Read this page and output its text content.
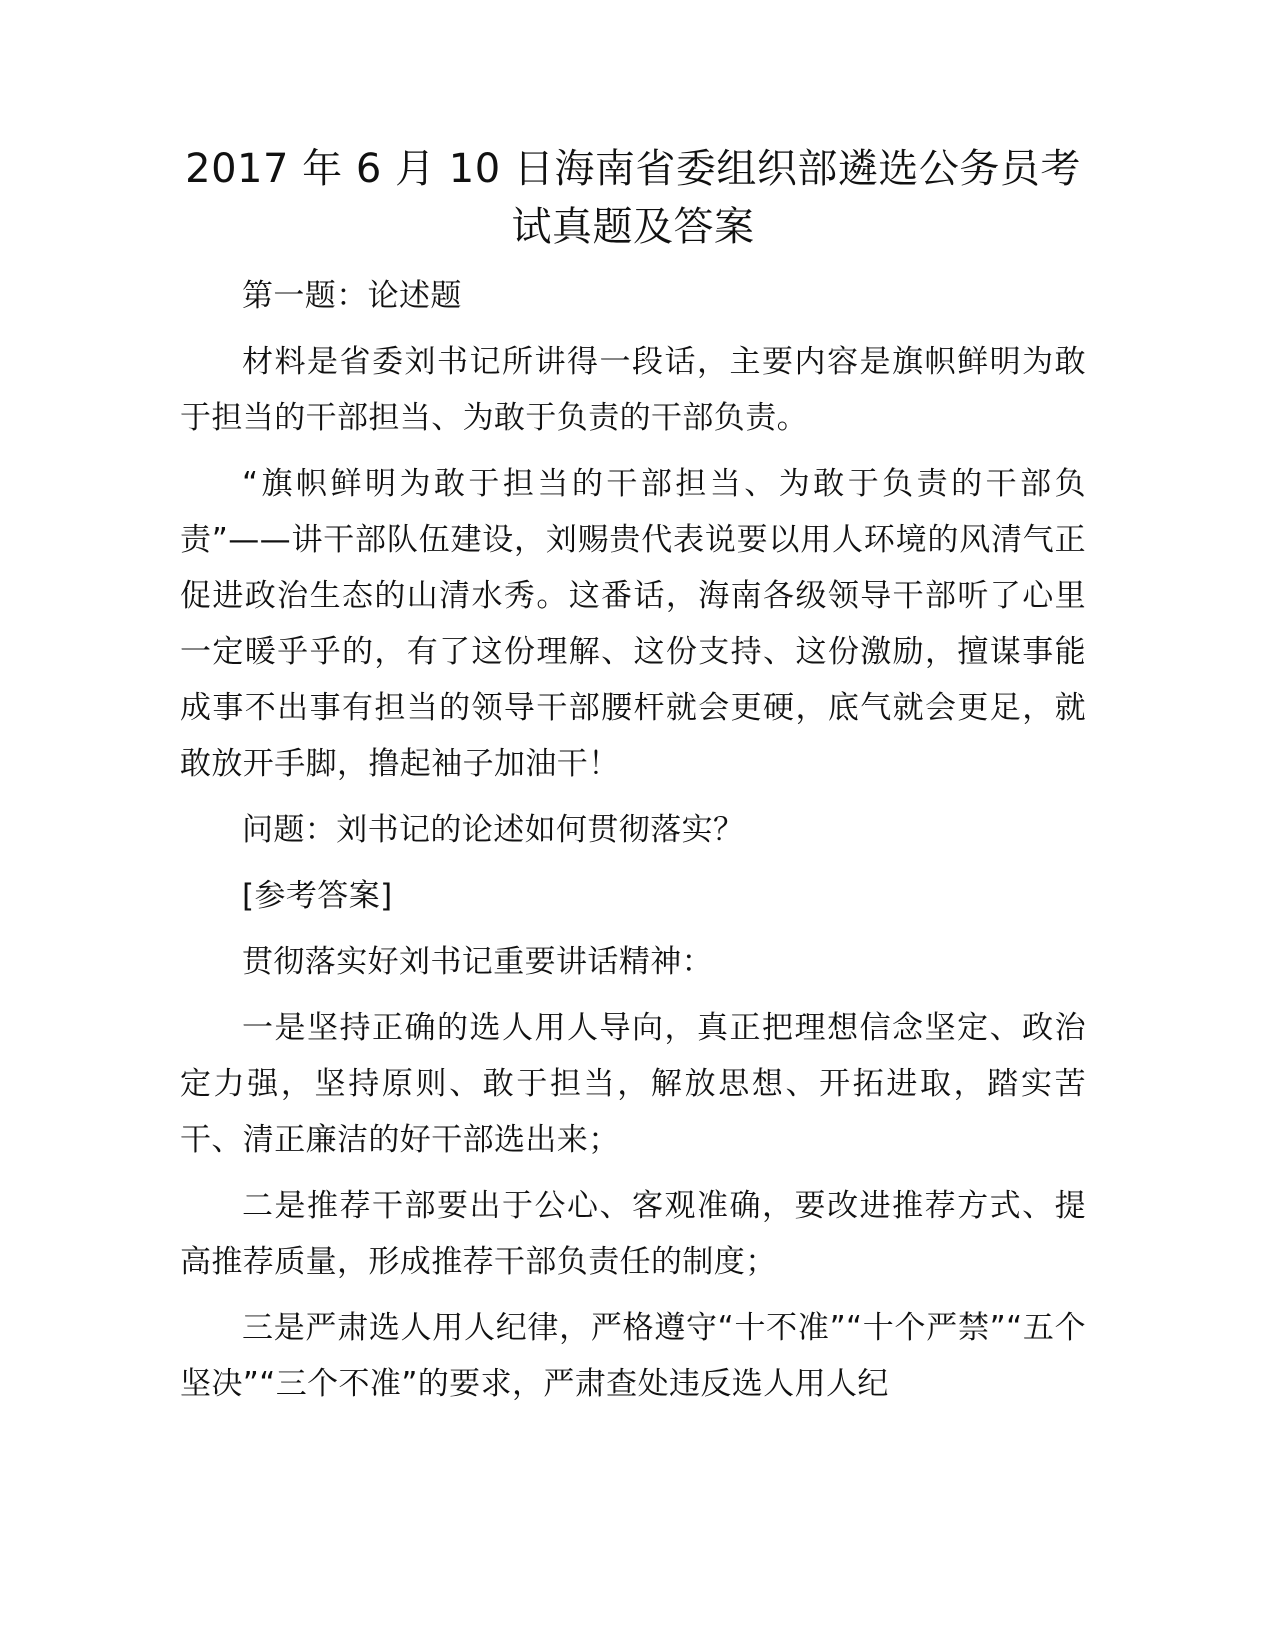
2017 年 6 月 10 日海南省委组织部遴选公务员考试真题及答案

第一题：论述题

材料是省委刘书记所讲得一段话，主要内容是旗帜鲜明为敢于担当的干部担当、为敢于负责的干部负责。

“旗帜鲜明为敢于担当的干部担当、为敢于负责的干部负责”——讲干部队伍建设，刘赐贵代表说要以用人环境的风清气正促进政治生态的山清水秀。这番话，海南各级领导干部听了心里一定暖乎乎的，有了这份理解、这份支持、这份激励，擅谋事能成事不出事有担当的领导干部腰杆就会更硬，底气就会更足，就敢放开手脚，撸起袖子加油干！

问题：刘书记的论述如何贯彻落实？

[参考答案]

贯彻落实好刘书记重要讲话精神：

一是坚持正确的选人用人导向，真正把理想信念坚定、政治定力强，坚持原则、敢于担当，解放思想、开拓进取，踏实苦干、清正廉洁的好干部选出来；

二是推荐干部要出于公心、客观准确，要改进推荐方式、提高推荐质量，形成推荐干部负责任的制度；

三是严肃选人用人纪律，严格遵守“十不准”“十个严禁”“五个坚决”“三个不准”的要求，严肃查处违反选人用人纪
